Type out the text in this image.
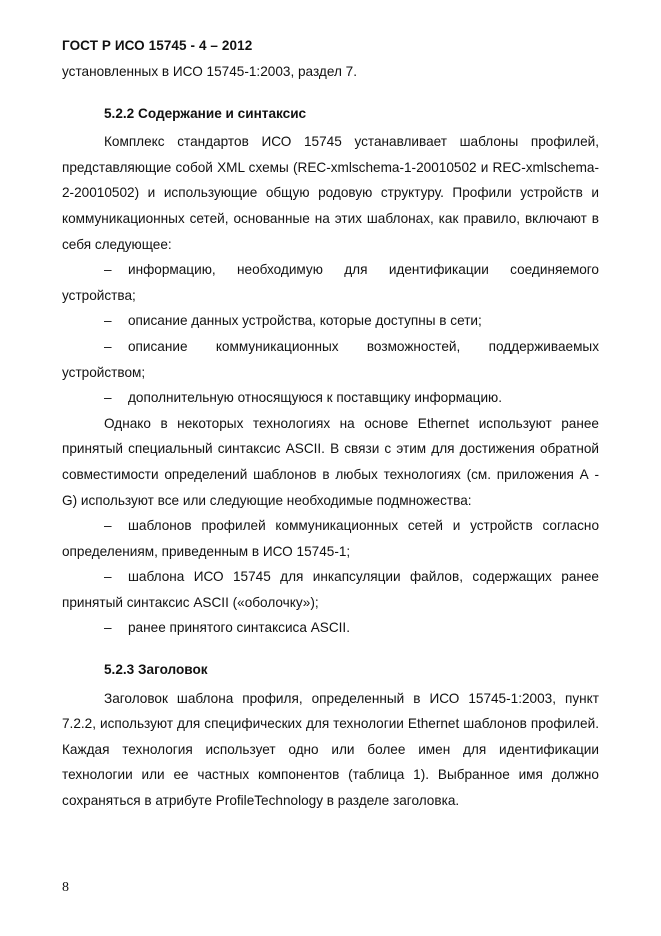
ГОСТ Р ИСО 15745 - 4 – 2012

установленных в ИСО 15745-1:2003, раздел 7.

5.2.2 Содержание и синтаксис

Комплекс стандартов ИСО 15745 устанавливает шаблоны профилей, представляющие собой XML схемы (REC-xmlschema-1-20010502 и REC-xmlschema-2-20010502) и использующие общую родовую структуру. Профили устройств и коммуникационных сетей, основанные на этих шаблонах, как правило, включают в себя следующее:

– информацию, необходимую для идентификации соединяемого

устройства;

– описание данных устройства, которые доступны в сети;

– описание коммуникационных возможностей, поддерживаемых

устройством;

– дополнительную относящуюся к поставщику информацию.

Однако в некоторых технологиях на основе Ethernet используют ранее принятый специальный синтаксис ASCII. В связи с этим для достижения обратной совместимости определений шаблонов в любых технологиях (см. приложения А - G) используют все или следующие необходимые подмножества:

– шаблонов профилей коммуникационных сетей и устройств согласно

определениям, приведенным в ИСО 15745-1;

– шаблона ИСО 15745 для инкапсуляции файлов, содержащих ранее

принятый синтаксис ASCII («оболочку»);

– ранее принятого синтаксиса ASCII.

5.2.3 Заголовок

Заголовок шаблона профиля, определенный в ИСО 15745-1:2003, пункт 7.2.2, используют для специфических для технологии Ethernet шаблонов профилей. Каждая технология использует одно или более имен для идентификации технологии или ее частных компонентов (таблица 1). Выбранное имя должно сохраняться в атрибуте ProfileTechnology в разделе заголовка.

8
